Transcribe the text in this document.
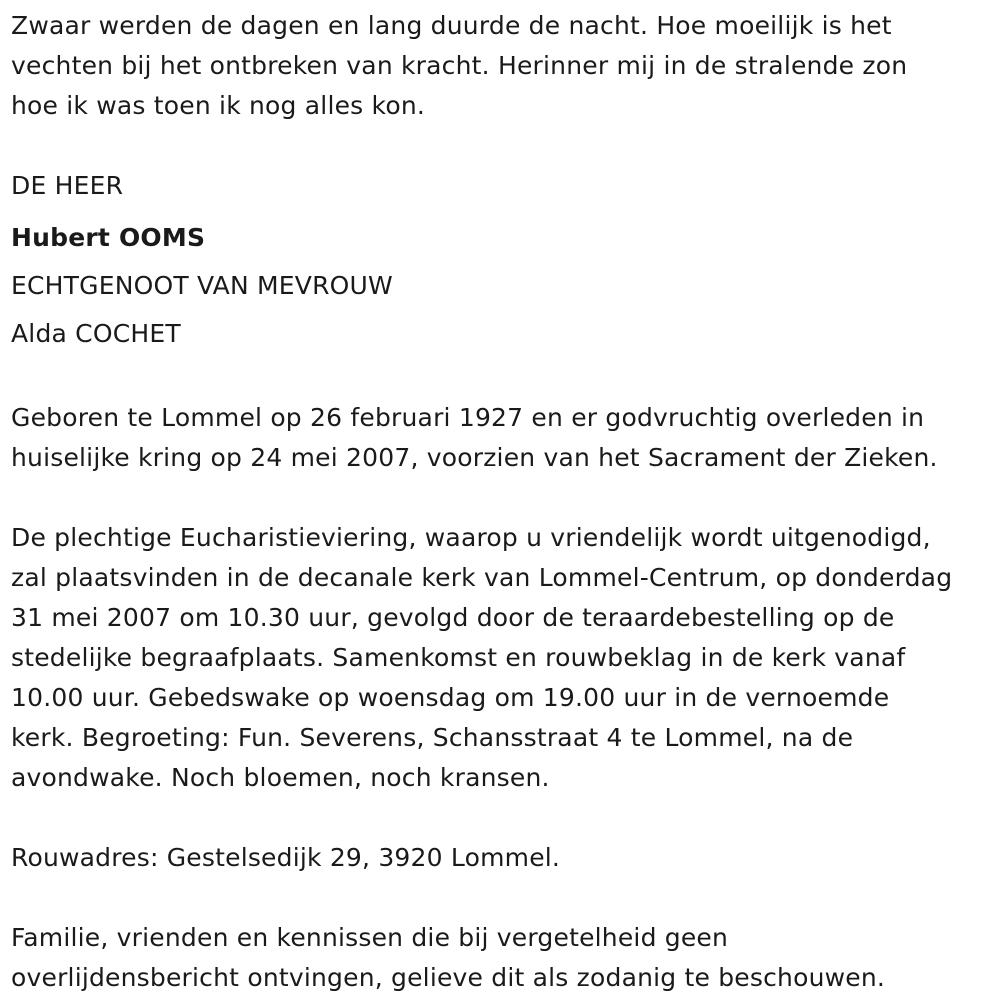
Zwaar werden de dagen en lang duurde de nacht. Hoe moeilijk is het
vechten bij het ontbreken van kracht. Herinner mij in de stralende zon
hoe ik was toen ik nog alles kon.
DE HEER
Hubert OOMS
ECHTGENOOT VAN MEVROUW
Alda COCHET
Geboren te Lommel op 26 februari 1927 en er godvruchtig overleden in
huiselijke kring op 24 mei 2007, voorzien van het Sacrament der Zieken.
De plechtige Eucharistieviering, waarop u vriendelijk wordt uitgenodigd,
zal plaatsvinden in de decanale kerk van Lommel-Centrum, op donderdag
31 mei 2007 om 10.30 uur, gevolgd door de teraardebestelling op de
stedelijke begraafplaats. Samenkomst en rouwbeklag in de kerk vanaf
10.00 uur. Gebedswake op woensdag om 19.00 uur in de vernoemde
kerk. Begroeting: Fun. Severens, Schansstraat 4 te Lommel, na de
avondwake. Noch bloemen, noch kransen.
Rouwadres: Gestelsedijk 29, 3920 Lommel.
Familie, vrienden en kennissen die bij vergetelheid geen
overlijdensbericht ontvingen, gelieve dit als zodanig te beschouwen.
